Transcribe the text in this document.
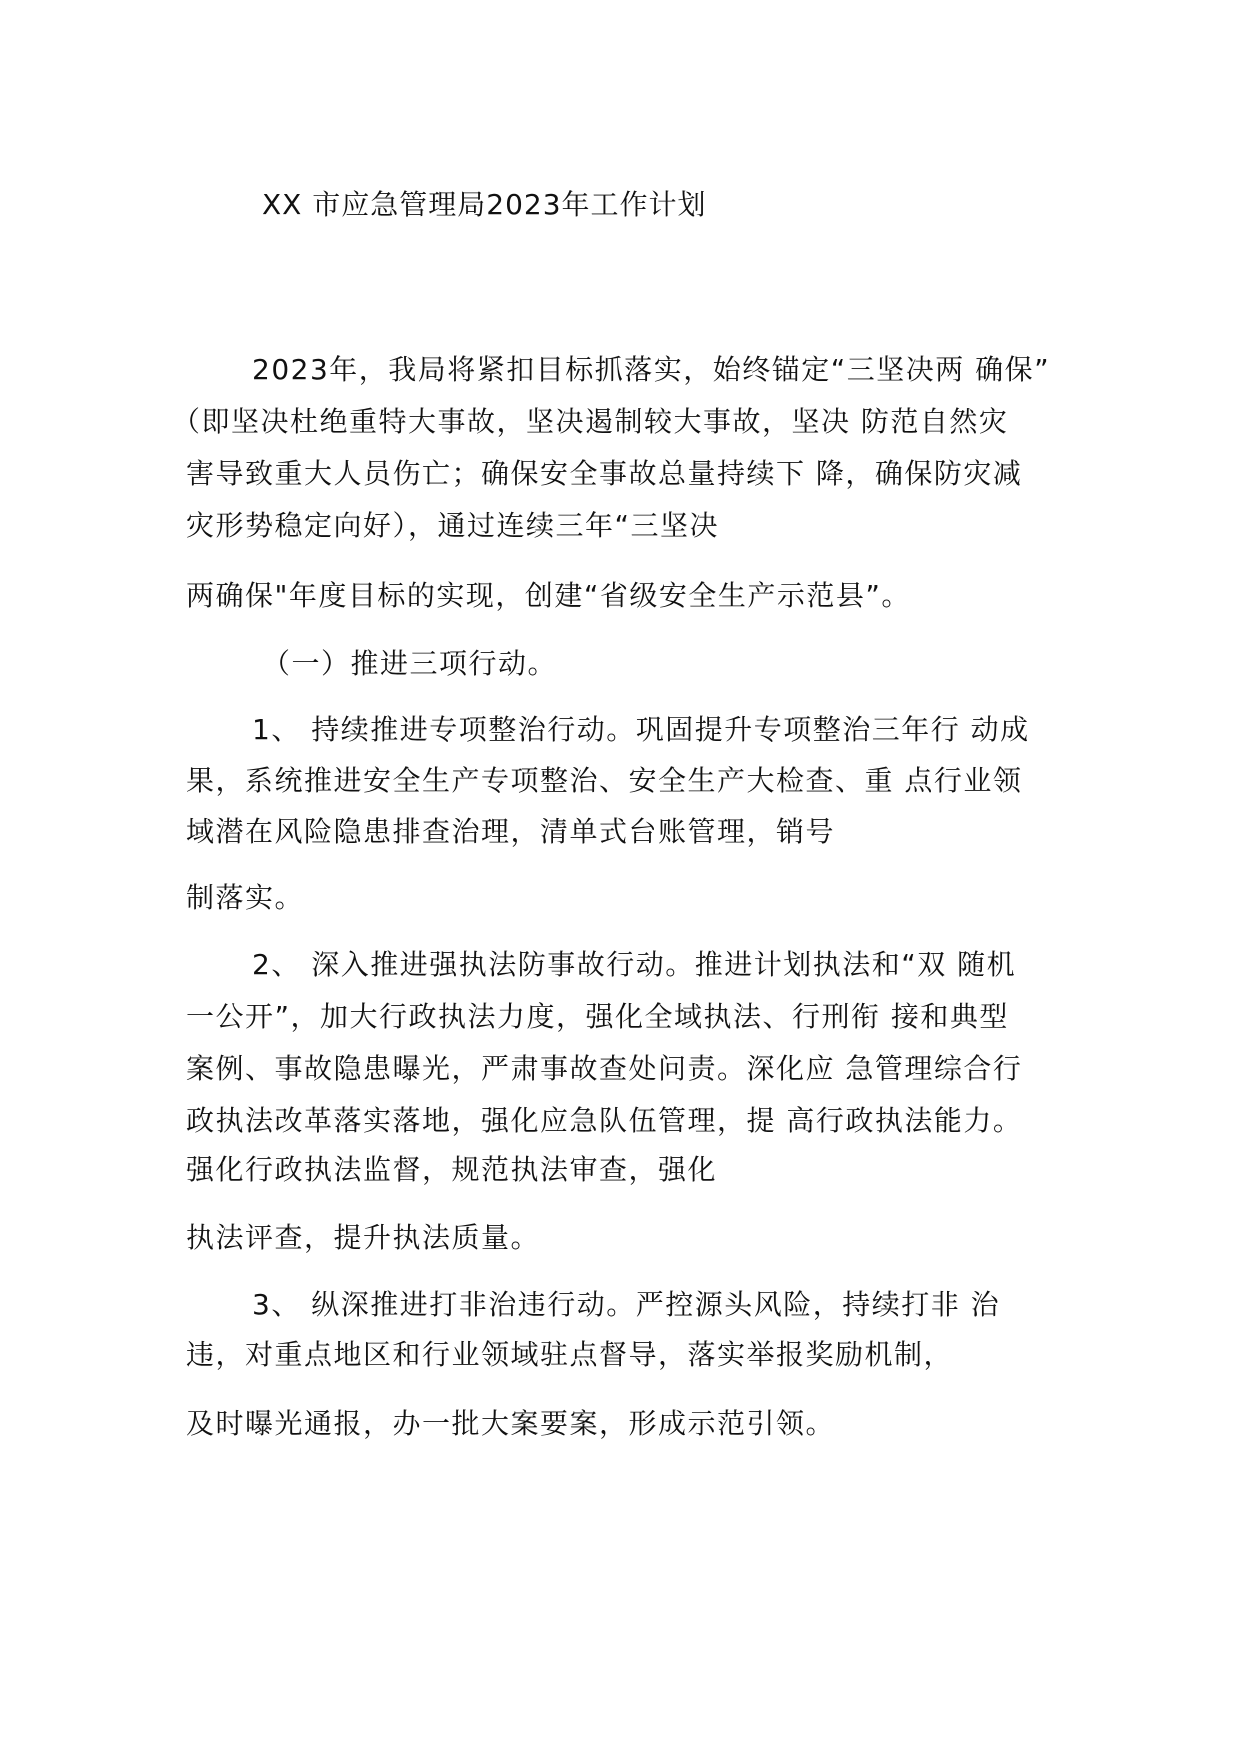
XX 市应急管理局2023年工作计划
2023年，我局将紧扣目标抓落实，始终锚定“三坚决两 确保”
（即坚决杜绝重特大事故，坚决遏制较大事故，坚决 防范自然灾
害导致重大人员伤亡；确保安全事故总量持续下 降，确保防灾减
灾形势稳定向好），通过连续三年“三坚决
两确保"年度目标的实现，创建“省级安全生产示范县”。
（一）推进三项行动。
1、 持续推进专项整治行动。巩固提升专项整治三年行 动成
果，系统推进安全生产专项整治、安全生产大检查、重 点行业领
域潜在风险隐患排查治理，清单式台账管理，销号
制落实。
2、 深入推进强执法防事故行动。推进计划执法和“双 随机
一公开”，加大行政执法力度，强化全域执法、行刑衔 接和典型
案例、事故隐患曝光，严肃事故查处问责。深化应 急管理综合行
政执法改革落实落地，强化应急队伍管理，提 高行政执法能力。
强化行政执法监督，规范执法审查，强化
执法评查，提升执法质量。
3、 纵深推进打非治违行动。严控源头风险，持续打非 治
违，对重点地区和行业领域驻点督导，落实举报奖励机制，
及时曝光通报，办一批大案要案，形成示范引领。
